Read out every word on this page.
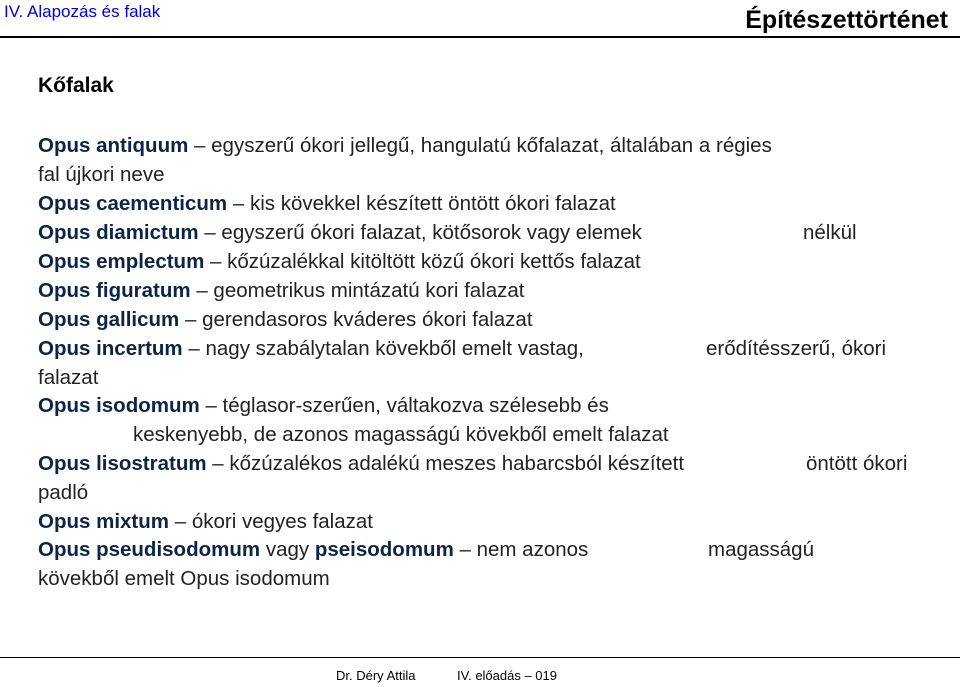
IV. Alapozás és falak	Építészettörténet
Kőfalak
Opus antiquum – egyszerű ókori jellegű, hangulatú kőfalazat, általában a régies
fal újkori neve
Opus caementicum – kis kövekkel készített öntött ókori falazat
Opus diamictum – egyszerű ókori falazat, kötősorok vagy elemek	nélkül
Opus emplectum – kőzúzalékkal kitöltött közű ókori kettős falazat
Opus figuratum – geometrikus mintázatú kori falazat
Opus gallicum – gerendasoros kváderes ókori falazat
Opus incertum – nagy szabálytalan kövekből emelt vastag,	erődítésszerű, ókori
falazat
Opus isodomum – téglasor-szerűen, váltakozva szélesebb és
keskenyebb, de azonos magasságú kövekből emelt falazat
Opus lisostratum – kőzúzalékos adalékú meszes habarcsból készített	öntött ókori
padló
Opus mixtum – ókori vegyes falazat
Opus pseudisodomum vagy pseisodomum – nem azonos	magasságú
kövekből emelt Opus isodomum
Dr. Déry Attila	IV. előadás – 019
